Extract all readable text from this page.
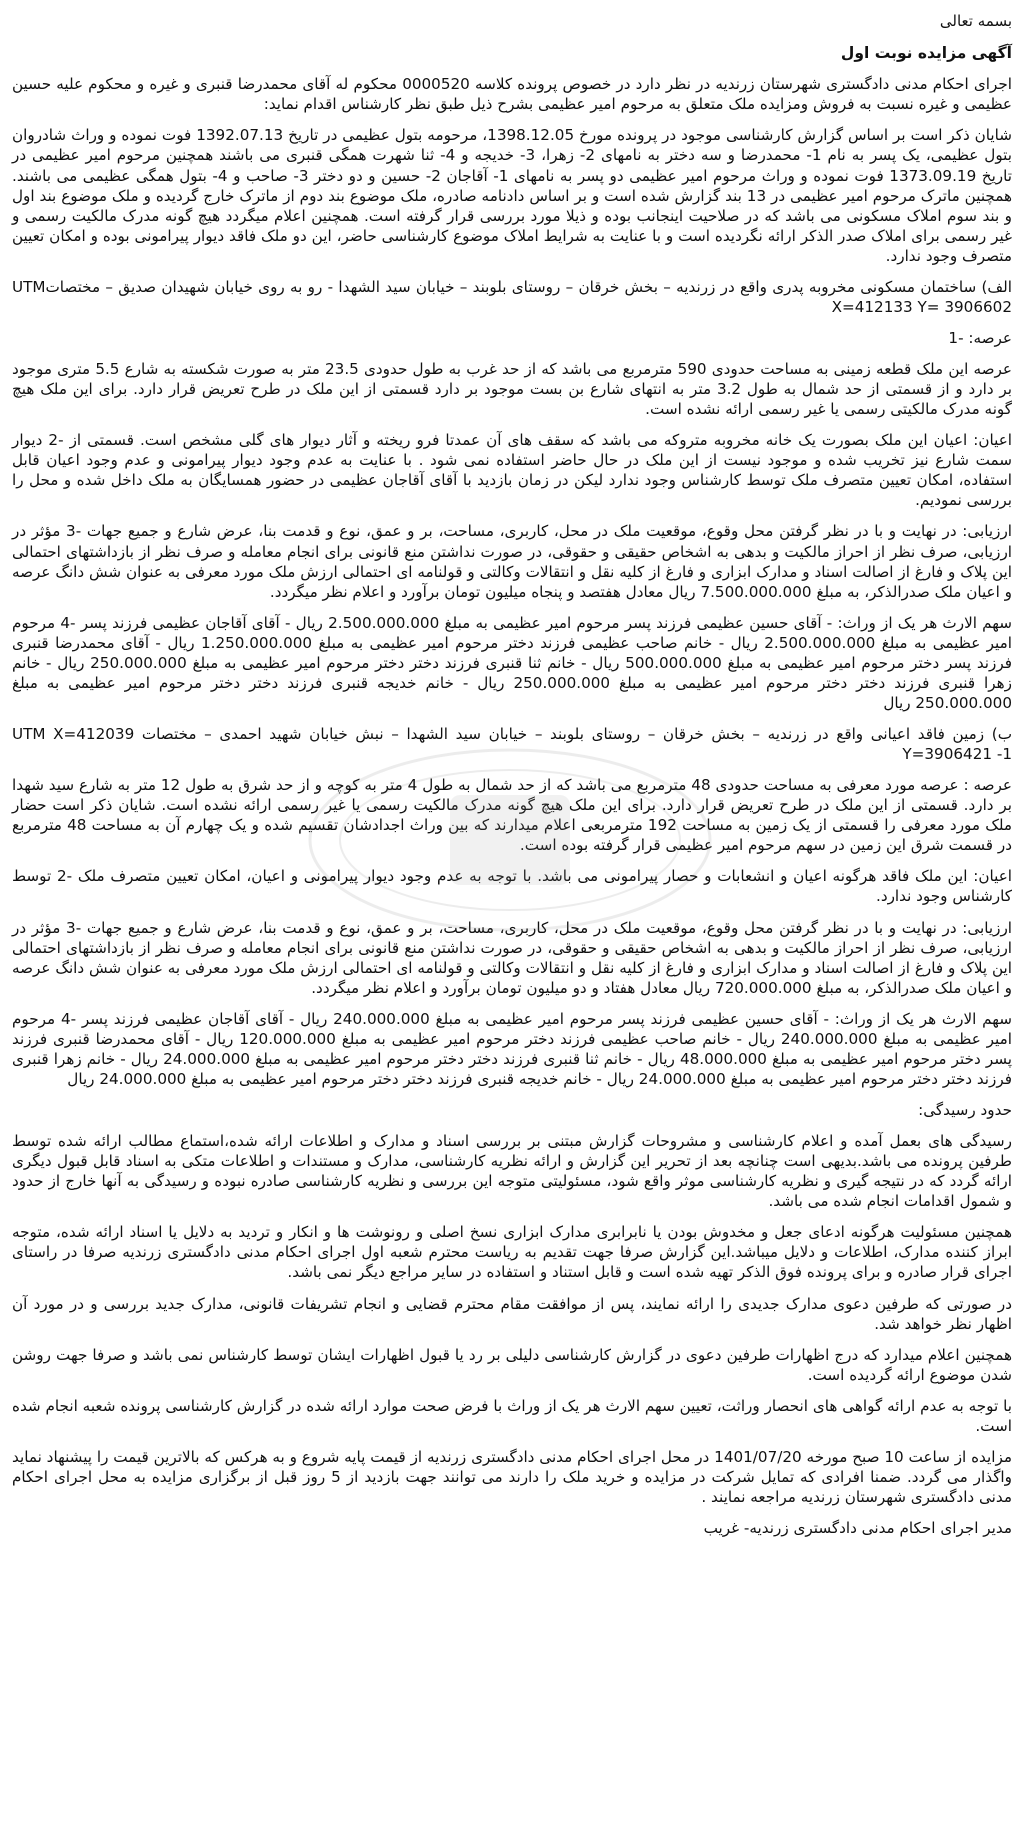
بسمه تعالی

آگهی مزایده نوبت اول

اجرای احکام مدنی دادگستری شهرستان زرندیه در نظر دارد در خصوص پرونده کلاسه 0000520 محکوم له آقای محمدرضا قنبری و غیره و محکوم علیه حسین عظیمی و غیره نسبت به فروش ومزایده ملک متعلق به مرحوم امیر عظیمی بشرح ذیل طبق نظر کارشناس اقدام نماید:

شایان ذکر است بر اساس گزارش کارشناسی موجود در پرونده مورخ 1398.12.05، مرحومه بتول عظیمی در تاریخ 1392.07.13 فوت نموده و وراث شادروان بتول عظیمی، یک پسر به نام 1- محمدرضا و سه دختر به نامهای 2- زهرا، 3- خدیجه و 4- ثنا شهرت همگی قنبری می باشند همچنین مرحوم امیر عظیمی در تاریخ 1373.09.19 فوت نموده و وراث مرحوم امیر عظیمی دو پسر به نامهای 1- آقاجان 2- حسین و دو دختر 3- صاحب و 4- بتول همگی عظیمی می باشند. همچنین ماترک مرحوم امیر عظیمی در 13 بند گزارش شده است و بر اساس دادنامه صادره، ملک موضوع بند دوم از ماترک خارج گردیده و ملک موضوع بند اول و بند سوم املاک مسکونی می باشد که در صلاحیت اینجانب بوده و ذیلا مورد بررسی قرار گرفته است. همچنین اعلام میگردد هیچ گونه مدرک مالکیت رسمی و غیر رسمی برای املاک صدر الذکر ارائه نگردیده است و با عنایت به شرایط املاک موضوع کارشناسی حاضر، این دو ملک فاقد دیوار پیرامونی بوده و امکان تعیین متصرف وجود ندارد.

الف) ساختمان مسکونی مخروبه پدری واقع در زرندیه – بخش خرقان – روستای بلوبند – خیابان سید الشهدا - رو به روی خیابان شهیدان صدیق – مختصاتUTM X=412133 Y= 3906602

عرصه: -1

عرصه این ملک قطعه زمینی به مساحت حدودی 590 مترمربع می باشد که از حد غرب به طول حدودی 23.5 متر به صورت شکسته به شارع 5.5 متری موجود بر دارد و از قسمتی از حد شمال به طول 3.2 متر به انتهای شارع بن بست موجود بر دارد قسمتی از این ملک در طرح تعریض قرار دارد. برای این ملک هیچ گونه مدرک مالکیتی رسمی یا غیر رسمی ارائه نشده است.

اعیان: اعیان این ملک بصورت یک خانه مخروبه متروکه می باشد که سقف های آن عمدتا فرو ریخته و آثار دیوار های گلی مشخص است. قسمتی از -2 دیوار سمت شارع نیز تخریب شده و موجود نیست از این ملک در حال حاضر استفاده نمی شود . با عنایت به عدم وجود دیوار پیرامونی و عدم وجود اعیان قابل استفاده، امکان تعیین متصرف ملک توسط کارشناس وجود ندارد لیکن در زمان بازدید با آقای آقاجان عظیمی در حضور همسایگان به ملک داخل شده و محل را بررسی نمودیم.

ارزیابی: در نهایت و با در نظر گرفتن محل وقوع، موقعیت ملک در محل، کاربری، مساحت، بر و عمق، نوع و قدمت بنا، عرض شارع و جمیع جهات -3 مؤثر در ارزیابی، صرف نظر از احراز مالکیت و بدهی به اشخاص حقیقی و حقوقی، در صورت نداشتن منع قانونی برای انجام معامله و صرف نظر از بازداشتهای احتمالی این پلاک و فارغ از اصالت اسناد و مدارک ابزاری و فارغ از کلیه نقل و انتقالات وکالتی و قولنامه ای احتمالی ارزش ملک مورد معرفی به عنوان شش دانگ عرصه و اعیان ملک صدرالذکر، به مبلغ 7.500.000.000 ریال معادل هفتصد و پنجاه میلیون تومان برآورد و اعلام نظر میگردد.

سهم الارث هر یک از وراث: - آقای حسین عظیمی فرزند پسر مرحوم امیر عظیمی به مبلغ 2.500.000.000 ریال - آقای آقاجان عظیمی فرزند پسر -4 مرحوم امیر عظیمی به مبلغ 2.500.000.000 ریال - خانم صاحب عظیمی فرزند دختر مرحوم امیر عظیمی به مبلغ 1.250.000.000 ریال - آقای محمدرضا قنبری فرزند پسر دختر مرحوم امیر عظیمی به مبلغ 500.000.000 ریال - خانم ثنا قنبری فرزند دختر دختر مرحوم امیر عظیمی به مبلغ 250.000.000 ریال - خانم زهرا قنبری فرزند دختر دختر مرحوم امیر عظیمی به مبلغ 250.000.000 ریال - خانم خدیجه قنبری فرزند دختر دختر مرحوم امیر عظیمی به مبلغ 250.000.000 ریال

ب) زمین فاقد اعیانی واقع در زرندیه – بخش خرقان – روستای بلوبند – خیابان سید الشهدا – نبش خیابان شهید احمدی – مختصات UTM X=412039 Y=3906421 -1

عرصه : عرصه مورد معرفی به مساحت حدودی 48 مترمربع می باشد که از حد شمال به طول 4 متر به کوچه و از حد شرق به طول 12 متر به شارع سید شهدا بر دارد. قسمتی از این ملک در طرح تعریض قرار دارد. برای این ملک هیچ گونه مدرک مالکیت رسمی یا غیر رسمی ارائه نشده است. شایان ذکر است حضار ملک مورد معرفی را قسمتی از یک زمین به مساحت 192 مترمربعی اعلام میدارند که بین وراث اجدادشان تقسیم شده و یک چهارم آن به مساحت 48 مترمربع در قسمت شرق این زمین در سهم مرحوم امیر عظیمی قرار گرفته بوده است.

اعیان: این ملک فاقد هرگونه اعیان و انشعابات و حصار پیرامونی می باشد. با توجه به عدم وجود دیوار پیرامونی و اعیان، امکان تعیین متصرف ملک -2 توسط کارشناس وجود ندارد.

ارزیابی: در نهایت و با در نظر گرفتن محل وقوع، موقعیت ملک در محل، کاربری، مساحت، بر و عمق، نوع و قدمت بنا، عرض شارع و جمیع جهات -3 مؤثر در ارزیابی، صرف نظر از احراز مالکیت و بدهی به اشخاص حقیقی و حقوقی، در صورت نداشتن منع قانونی برای انجام معامله و صرف نظر از بازداشتهای احتمالی این پلاک و فارغ از اصالت اسناد و مدارک ابزاری و فارغ از کلیه نقل و انتقالات وکالتی و قولنامه ای احتمالی ارزش ملک مورد معرفی به عنوان شش دانگ عرصه و اعیان ملک صدرالذکر، به مبلغ 720.000.000 ریال معادل هفتاد و دو میلیون تومان برآورد و اعلام نظر میگردد.

سهم الارث هر یک از وراث: - آقای حسین عظیمی فرزند پسر مرحوم امیر عظیمی به مبلغ 240.000.000 ریال - آقای آقاجان عظیمی فرزند پسر -4 مرحوم امیر عظیمی به مبلغ 240.000.000 ریال - خانم صاحب عظیمی فرزند دختر مرحوم امیر عظیمی به مبلغ 120.000.000 ریال - آقای محمدرضا قنبری فرزند پسر دختر مرحوم امیر عظیمی به مبلغ 48.000.000 ریال - خانم ثنا قنبری فرزند دختر دختر مرحوم امیر عظیمی به مبلغ 24.000.000 ریال - خانم زهرا قنبری فرزند دختر دختر مرحوم امیر عظیمی به مبلغ 24.000.000 ریال - خانم خدیجه قنبری فرزند دختر دختر مرحوم امیر عظیمی به مبلغ 24.000.000 ریال

حدود رسیدگی:

رسیدگی های بعمل آمده و اعلام کارشناسی و مشروحات گزارش مبتنی بر بررسی اسناد و مدارک و اطلاعات ارائه شده،استماع مطالب ارائه شده توسط طرفین پرونده می باشد.بدیهی است چنانچه بعد از تحریر این گزارش و ارائه نظریه کارشناسی، مدارک و مستندات و اطلاعات متکی به اسناد قابل قبول دیگری ارائه گردد که در نتیجه گیری و نظریه کارشناسی موثر واقع شود، مسئولیتی متوجه این بررسی و نظریه کارشناسی صادره نبوده و رسیدگی به آنها خارج از حدود و شمول اقدامات انجام شده می باشد.

همچنین مسئولیت هرگونه ادعای جعل و مخدوش بودن یا نابرابری مدارک ابزاری نسخ اصلی و رونوشت ها و انکار و تردید به دلایل یا اسناد ارائه شده، متوجه ابراز کننده مدارک، اطلاعات و دلایل میباشد.این گزارش صرفا جهت تقدیم به ریاست محترم شعبه اول اجرای احکام مدنی دادگستری زرندیه صرفا در راستای اجرای قرار صادره و برای پرونده فوق الذکر تهیه شده است و قابل استناد و استفاده در سایر مراجع دیگر نمی باشد.

در صورتی که طرفین دعوی مدارک جدیدی را ارائه نمایند، پس از موافقت مقام محترم قضایی و انجام تشریفات قانونی، مدارک جدید بررسی و در مورد آن اظهار نظر خواهد شد.

همچنین اعلام میدارد که درج اظهارات طرفین دعوی در گزارش کارشناسی دلیلی بر رد یا قبول اظهارات ایشان توسط کارشناس نمی باشد و صرفا جهت روشن شدن موضوع ارائه گردیده است.

با توجه به عدم ارائه گواهی های انحصار وراثت، تعیین سهم الارث هر یک از وراث با فرض صحت موارد ارائه شده در گزارش کارشناسی پرونده شعبه انجام شده است.

مزایده از ساعت 10 صبح مورخه 1401/07/20 در محل اجرای احکام مدنی دادگستری زرندیه از قیمت پایه شروع و به هرکس که بالاترین قیمت را پیشنهاد نماید واگذار می گردد. ضمنا افرادی که تمایل شرکت در مزایده و خرید ملک را دارند می توانند جهت بازدید از 5 روز قبل از برگزاری مزایده به محل اجرای احکام مدنی دادگستری شهرستان زرندیه مراجعه نمایند .

مدیر اجرای احکام مدنی دادگستری زرندیه- غریب
